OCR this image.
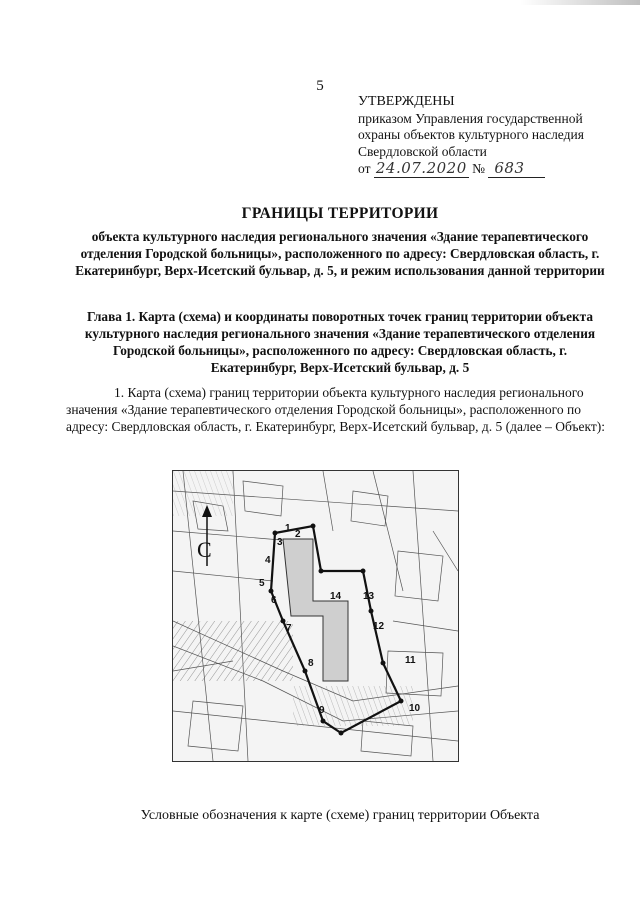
5
УТВЕРЖДЕНЫ
приказом Управления государственной
охраны объектов культурного наследия
Свердловской области
от 24.07.2020 № 683
ГРАНИЦЫ ТЕРРИТОРИИ
объекта культурного наследия регионального значения «Здание терапевтического отделения Городской больницы», расположенного по адресу: Свердловская область, г. Екатеринбург, Верх-Исетский бульвар, д. 5, и режим использования данной территории
Глава 1. Карта (схема) и координаты поворотных точек границ территории объекта культурного наследия регионального значения «Здание терапевтического отделения Городской больницы», расположенного по адресу: Свердловская область, г. Екатеринбург, Верх-Исетский бульвар, д. 5
1. Карта (схема) границ территории объекта культурного наследия регионального значения «Здание терапевтического отделения Городской больницы», расположенного по адресу: Свердловская область, г. Екатеринбург, Верх-Исетский бульвар, д. 5 (далее – Объект):
3
4
5
6
2
1
8
9	10
11
12
13
14
7
С
Условные обозначения к карте (схеме) границ территории Объекта
